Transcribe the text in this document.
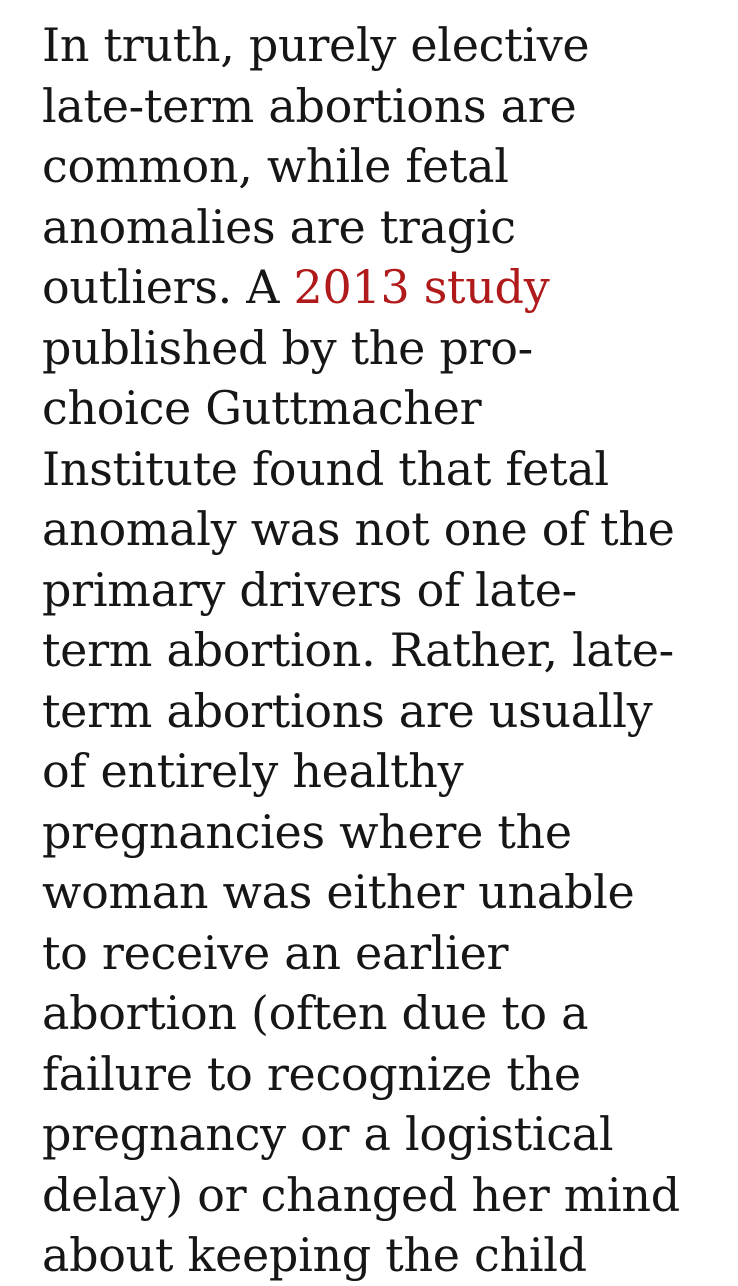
In truth, purely elective
late-term abortions are
common, while fetal
anomalies are tragic
outliers. A 2013 study
published by the pro-
choice Guttmacher
Institute found that fetal
anomaly was not one of the
primary drivers of late-
term abortion. Rather, late-
term abortions are usually
of entirely healthy
pregnancies where the
woman was either unable
to receive an earlier
abortion (often due to a
failure to recognize the
pregnancy or a logistical
delay) or changed her mind
about keeping the child
